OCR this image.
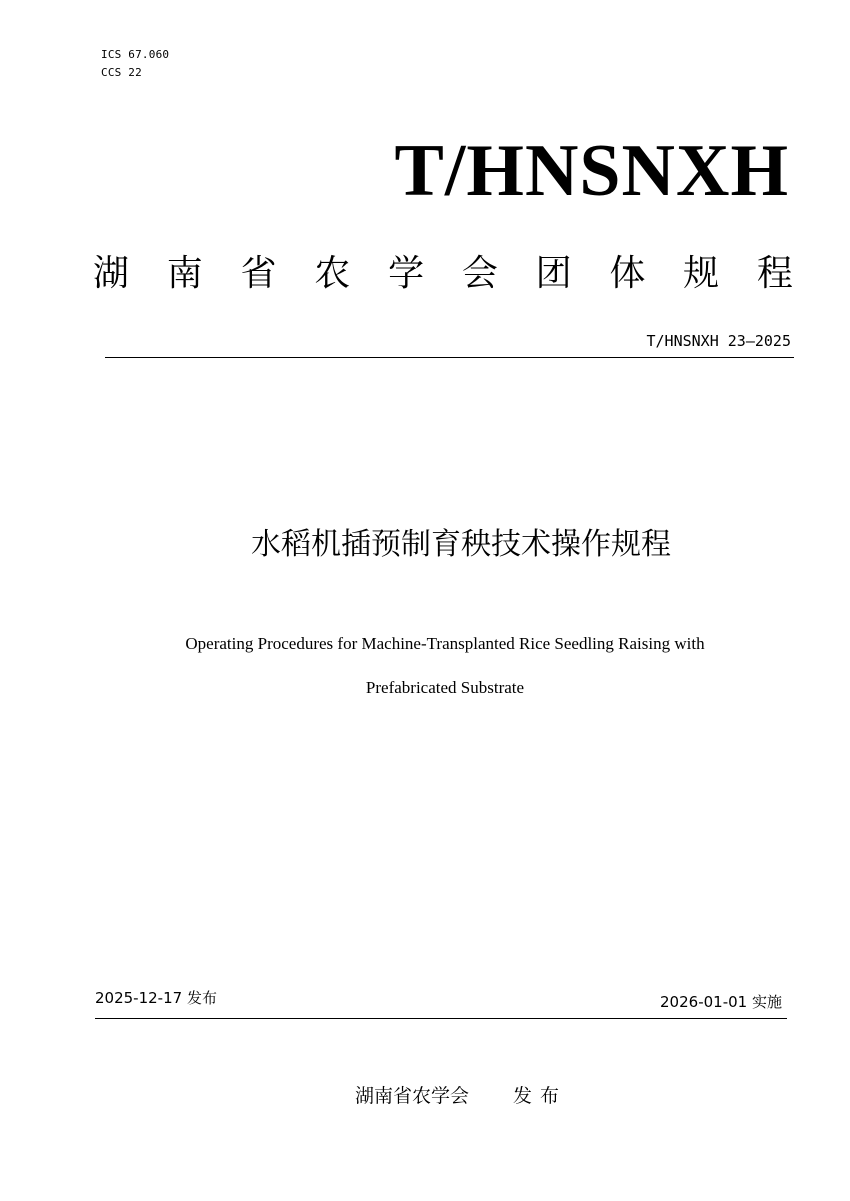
ICS 67.060
CCS 22
T/HNSNXH
湖 南 省 农 学 会 团 体 规 程
T/HNSNXH 23—2025
水稻机插预制育秧技术操作规程
Operating Procedures for Machine-Transplanted Rice Seedling Raising with
Prefabricated Substrate
2025-12-17 发布	2026-01-01 实施
湖南省农学会 发布
